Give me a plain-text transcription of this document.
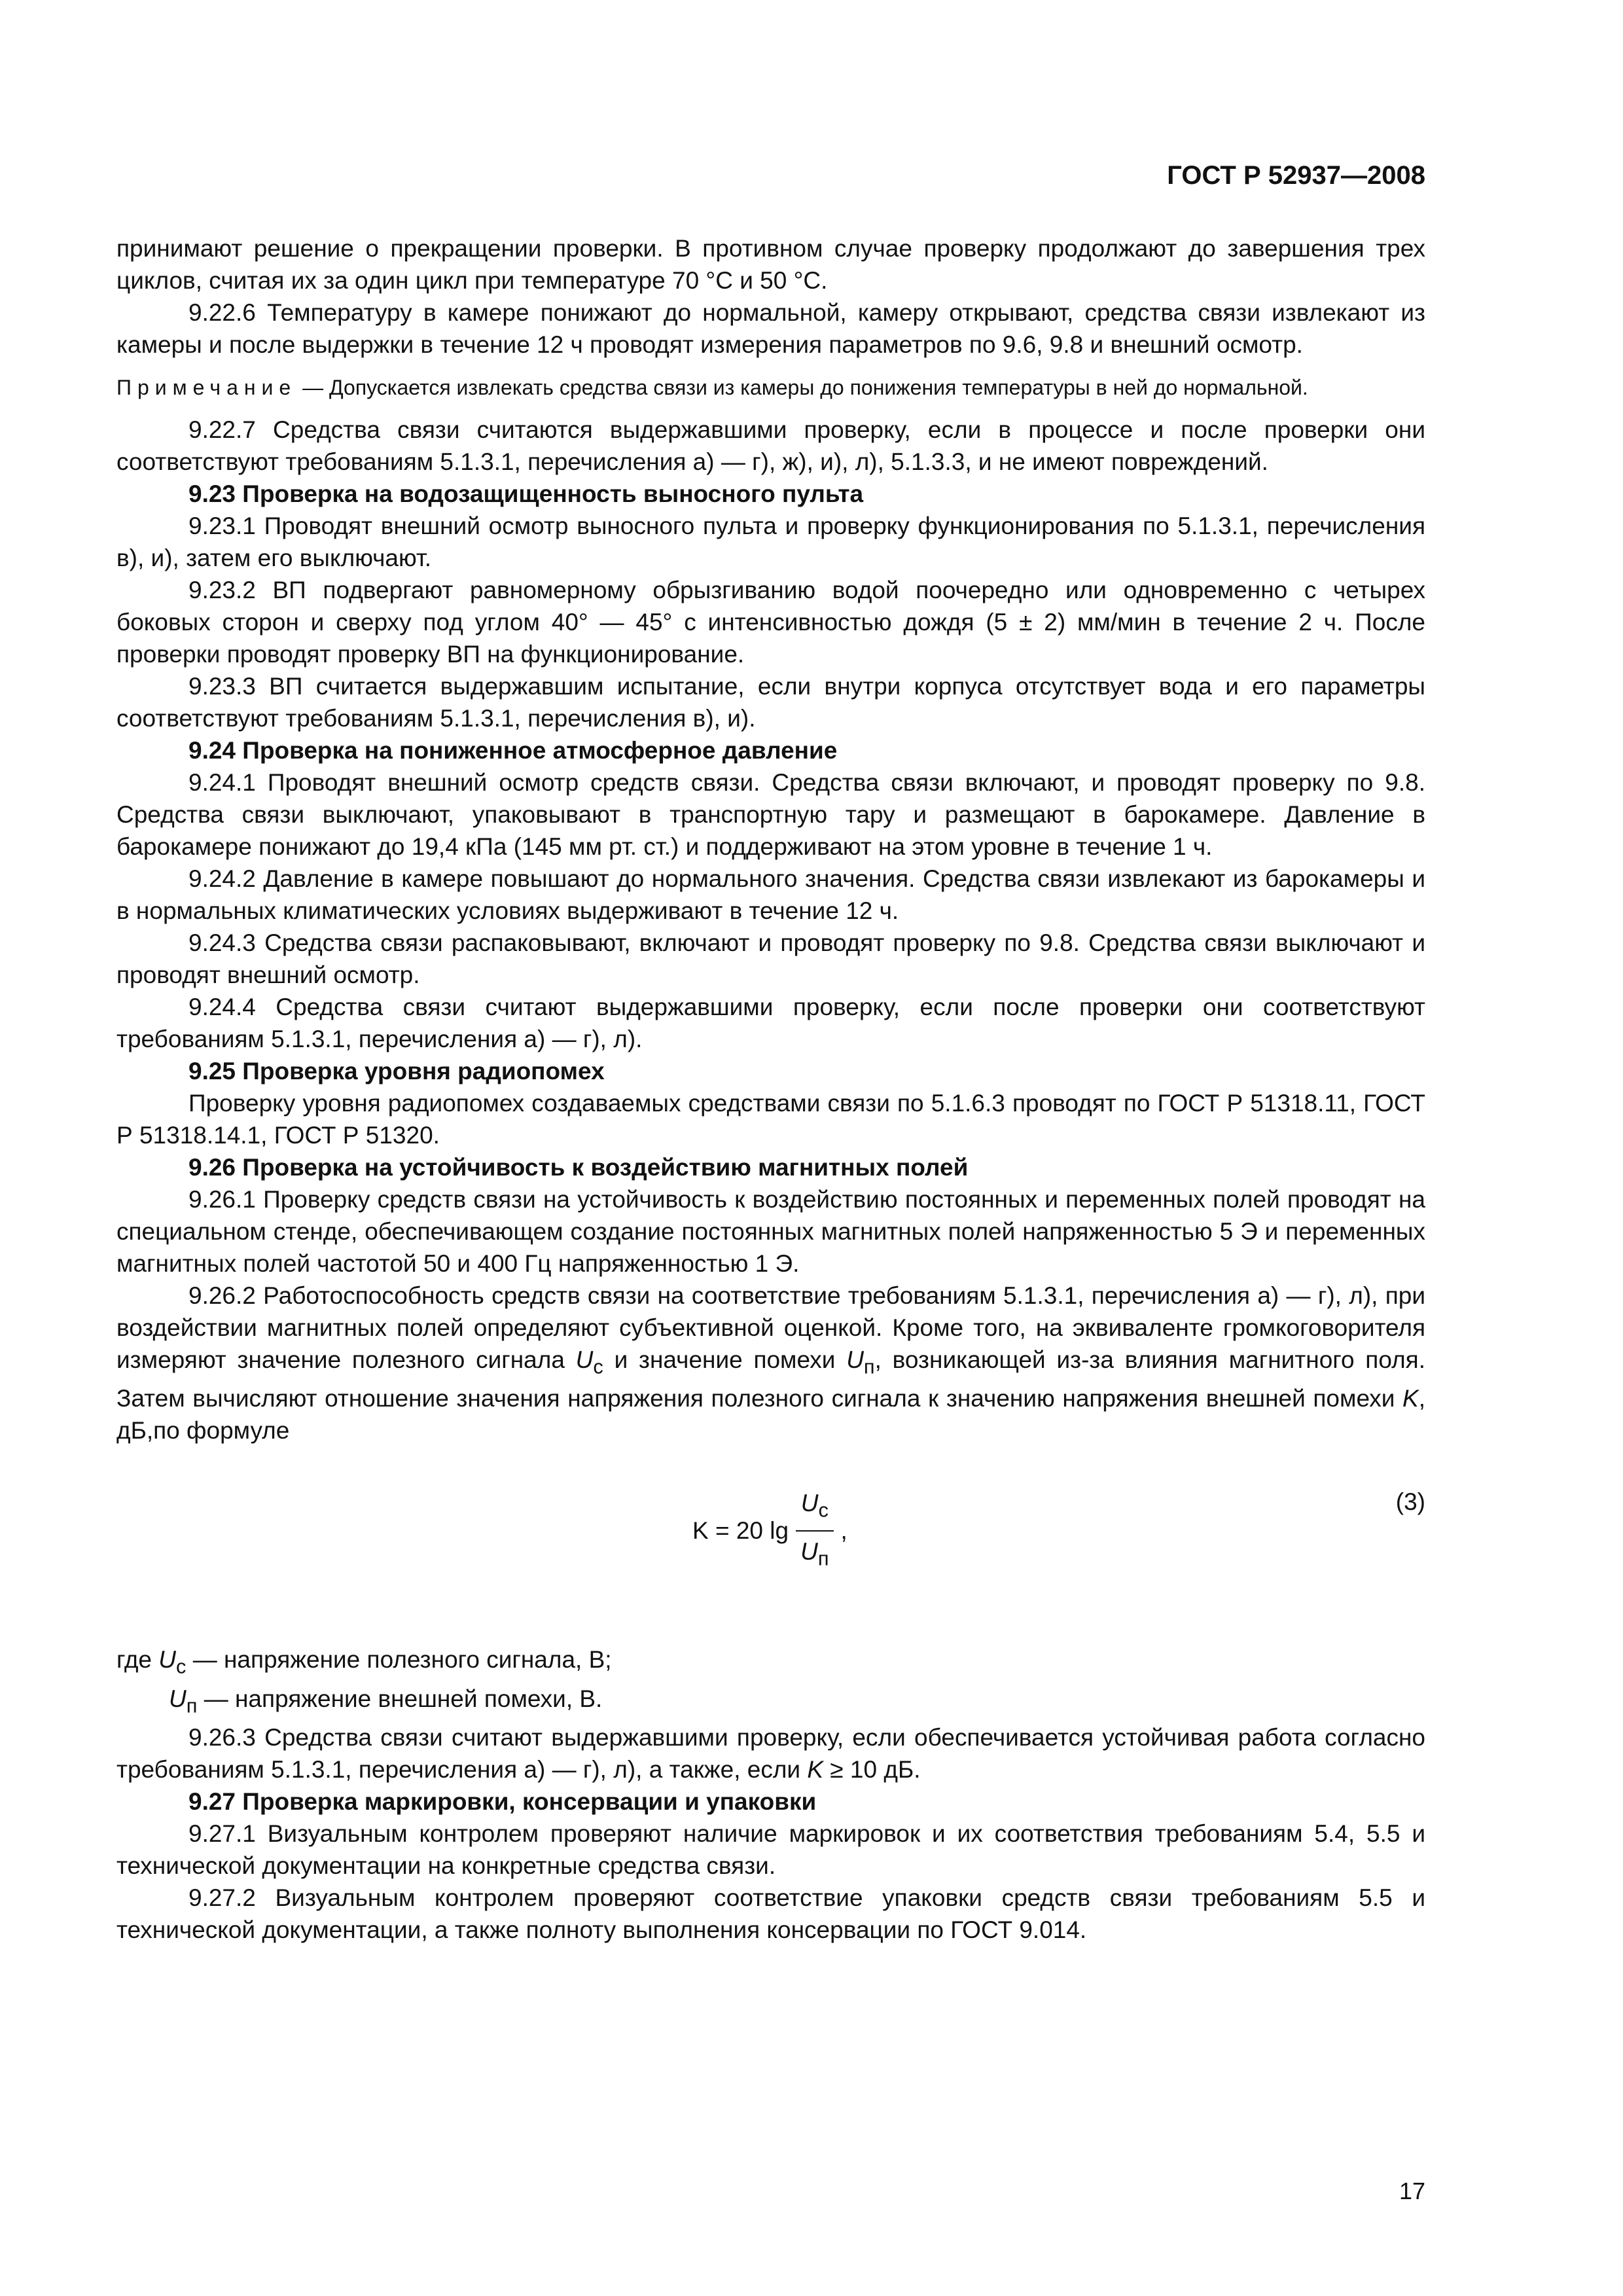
ГОСТ Р 52937—2008

принимают решение о прекращении проверки. В противном случае проверку продолжают до завершения трех циклов, считая их за один цикл при температуре 70 °С и 50 °С.

9.22.6 Температуру в камере понижают до нормальной, камеру открывают, средства связи извлекают из камеры и после выдержки в течение 12 ч проводят измерения параметров по 9.6, 9.8 и внешний осмотр.

Примечание — Допускается извлекать средства связи из камеры до понижения температуры в ней до нормальной.

9.22.7 Средства связи считаются выдержавшими проверку, если в процессе и после проверки они соответствуют требованиям 5.1.3.1, перечисления а) — г), ж), и), л), 5.1.3.3, и не имеют повреждений.

9.23 Проверка на водозащищенность выносного пульта

9.23.1 Проводят внешний осмотр выносного пульта и проверку функционирования по 5.1.3.1, перечисления в), и), затем его выключают.

9.23.2 ВП подвергают равномерному обрызгиванию водой поочередно или одновременно с четырех боковых сторон и сверху под углом 40° — 45° с интенсивностью дождя (5 ± 2) мм/мин в течение 2 ч. После проверки проводят проверку ВП на функционирование.

9.23.3 ВП считается выдержавшим испытание, если внутри корпуса отсутствует вода и его параметры соответствуют требованиям 5.1.3.1, перечисления в), и).

9.24 Проверка на пониженное атмосферное давление

9.24.1 Проводят внешний осмотр средств связи. Средства связи включают, и проводят проверку по 9.8. Средства связи выключают, упаковывают в транспортную тару и размещают в барокамере. Давление в барокамере понижают до 19,4 кПа (145 мм рт. ст.) и поддерживают на этом уровне в течение 1 ч.

9.24.2 Давление в камере повышают до нормального значения. Средства связи извлекают из барокамеры и в нормальных климатических условиях выдерживают в течение 12 ч.

9.24.3 Средства связи распаковывают, включают и проводят проверку по 9.8. Средства связи выключают и проводят внешний осмотр.

9.24.4 Средства связи считают выдержавшими проверку, если после проверки они соответствуют требованиям 5.1.3.1, перечисления а) — г), л).

9.25 Проверка уровня радиопомех

Проверку уровня радиопомех создаваемых средствами связи по 5.1.6.3 проводят по ГОСТ Р 51318.11, ГОСТ Р 51318.14.1, ГОСТ Р 51320.

9.26 Проверка на устойчивость к воздействию магнитных полей

9.26.1 Проверку средств связи на устойчивость к воздействию постоянных и переменных полей проводят на специальном стенде, обеспечивающем создание постоянных магнитных полей напряженностью 5 Э и переменных магнитных полей частотой 50 и 400 Гц напряженностью 1 Э.

9.26.2 Работоспособность средств связи на соответствие требованиям 5.1.3.1, перечисления а) — г), л), при воздействии магнитных полей определяют субъективной оценкой. Кроме того, на эквиваленте громкоговорителя измеряют значение полезного сигнала $U_c$ и значение помехи $U_п$, возникающей из-за влияния магнитного поля. Затем вычисляют отношение значения напряжения полезного сигнала к значению напряжения внешней помехи K, дБ,по формуле

K = 20 $\lg \frac{U_c}{U_п}$ ,
(3)

где $U_c$ — напряжение полезного сигнала, В;

$U_п$ — напряжение внешней помехи, В.

9.26.3 Средства связи считают выдержавшими проверку, если обеспечивается устойчивая работа согласно требованиям 5.1.3.1, перечисления а) — г), л), а также, если K ≥ 10 дБ.

9.27 Проверка маркировки, консервации и упаковки

9.27.1 Визуальным контролем проверяют наличие маркировок и их соответствия требованиям 5.4, 5.5 и технической документации на конкретные средства связи.

9.27.2 Визуальным контролем проверяют соответствие упаковки средств связи требованиям 5.5 и технической документации, а также полноту выполнения консервации по ГОСТ 9.014.

17
